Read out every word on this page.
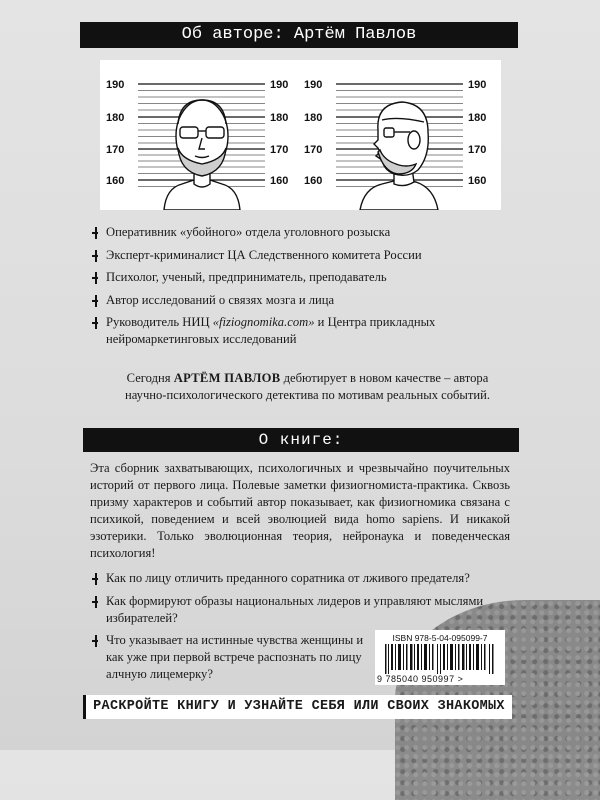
Об авторе: Артём Павлов
190
180
170
160
190
180
170
160
190
180
170
160
190
180
170
160
Оперативник «убойного» отдела уголовного розыска
Эксперт-криминалист ЦА Следственного комитета России
Психолог, ученый, предприниматель, преподаватель
Автор исследований о связях мозга и лица
Руководитель НИЦ «fiziognomika.com» и Центра прикладных нейромаркетинговых исследований
Сегодня АРТЁМ ПАВЛОВ дебютирует в новом качестве – автора научно-психологического детектива по мотивам реальных событий.
О книге:
Эта сборник захватывающих, психологичных и чрезвычайно поучительных историй от первого лица. Полевые заметки физиогномиста-практика. Сквозь призму характеров и событий автор показывает, как физиогномика связана с психикой, поведением и всей эволюцией вида homo sapiens. И никакой эзотерики. Только эволюционная теория, нейронаука и поведенческая психология!
Как по лицу отличить преданного соратника от лживого предателя?
Как формируют образы национальных лидеров и управляют мыслями избирателей?
Что указывает на истинные чувства женщины и как уже при первой встрече распознать по лицу алчную лицемерку?
ISBN 978-5-04-095099-7
9 785040 950997 >
РАСКРОЙТЕ КНИГУ И УЗНАЙТЕ СЕБЯ ИЛИ СВОИХ ЗНАКОМЫХ
